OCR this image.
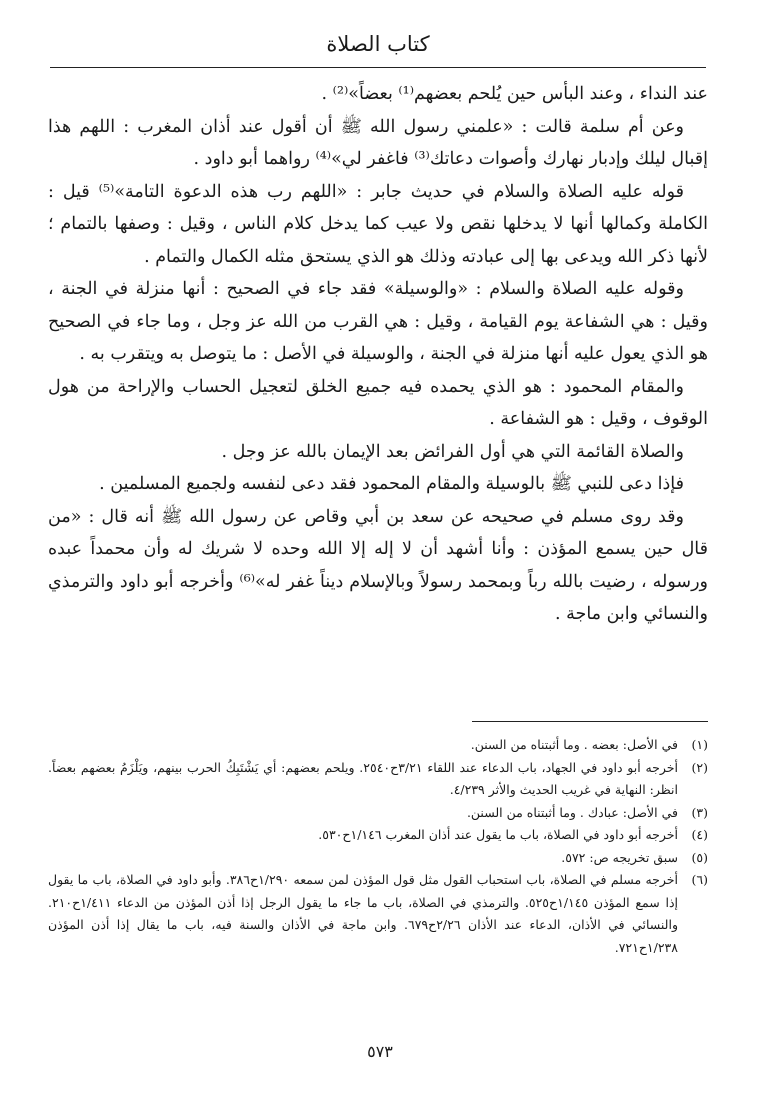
كتاب الصلاة

عند النداء ، وعند البأس حين يُلحم بعضهم⁽¹⁾ بعضاً»⁽²⁾ .

وعن أم سلمة قالت : «علمني رسول الله ﷺ أن أقول عند أذان المغرب : اللهم هذا إقبال ليلك وإدبار نهارك وأصوات دعاتك⁽³⁾ فاغفر لي»⁽⁴⁾ رواهما أبو داود .

قوله عليه الصلاة والسلام في حديث جابر : «اللهم رب هذه الدعوة التامة»⁽⁵⁾ قيل : الكاملة وكمالها أنها لا يدخلها نقص ولا عيب كما يدخل كلام الناس ، وقيل : وصفها بالتمام ؛ لأنها ذكر الله ويدعى بها إلى عبادته وذلك هو الذي يستحق مثله الكمال والتمام .

وقوله عليه الصلاة والسلام : «والوسيلة» فقد جاء في الصحيح : أنها منزلة في الجنة ، وقيل : هي الشفاعة يوم القيامة ، وقيل : هي القرب من الله عز وجل ، وما جاء في الصحيح هو الذي يعول عليه أنها منزلة في الجنة ، والوسيلة في الأصل : ما يتوصل به ويتقرب به .

والمقام المحمود : هو الذي يحمده فيه جميع الخلق لتعجيل الحساب والإراحة من هول الوقوف ، وقيل : هو الشفاعة .

والصلاة القائمة التي هي أول الفرائض بعد الإيمان بالله عز وجل .

فإذا دعى للنبي ﷺ بالوسيلة والمقام المحمود فقد دعى لنفسه ولجميع المسلمين .

وقد روى مسلم في صحيحه عن سعد بن أبي وقاص عن رسول الله ﷺ أنه قال : «من قال حين يسمع المؤذن : وأنا أشهد أن لا إله إلا الله وحده لا شريك له وأن محمداً عبده ورسوله ، رضيت بالله رباً وبمحمد رسولاً وبالإسلام ديناً غفر له»⁽⁶⁾ وأخرجه أبو داود والترمذي والنسائي وابن ماجة .

(١)
في الأصل: بعضه . وما أثبتناه من السنن.

(٢)
أخرجه أبو داود في الجهاد، باب الدعاء عند اللقاء ٣/٢١ح٢٥٤٠. ويلحم بعضهم: أي يَشْتَبِكُ الحرب بينهم، ويَلْزَمُ بعضهم بعضاً. انظر: النهاية في غريب الحديث والأثر ٤/٢٣٩.

(٣)
في الأصل: عبادك . وما أثبتناه من السنن.

(٤)
أخرجه أبو داود في الصلاة، باب ما يقول عند أذان المغرب ١/١٤٦ح٥٣٠.

(٥)
سبق تخريجه ص: ٥٧٢.

(٦)
أخرجه مسلم في الصلاة، باب استحباب القول مثل قول المؤذن لمن سمعه ١/٢٩٠ح٣٨٦. وأبو داود في الصلاة، باب ما يقول إذا سمع المؤذن ١/١٤٥ح٥٢٥. والترمذي في الصلاة، باب ما جاء ما يقول الرجل إذا أذن المؤذن من الدعاء ١/٤١١ح٢١٠. والنسائي في الأذان، الدعاء عند الأذان ٢/٢٦ح٦٧٩. وابن ماجة في الأذان والسنة فيه، باب ما يقال إذا أذن المؤذن ١/٢٣٨ح٧٢١.

٥٧٣
